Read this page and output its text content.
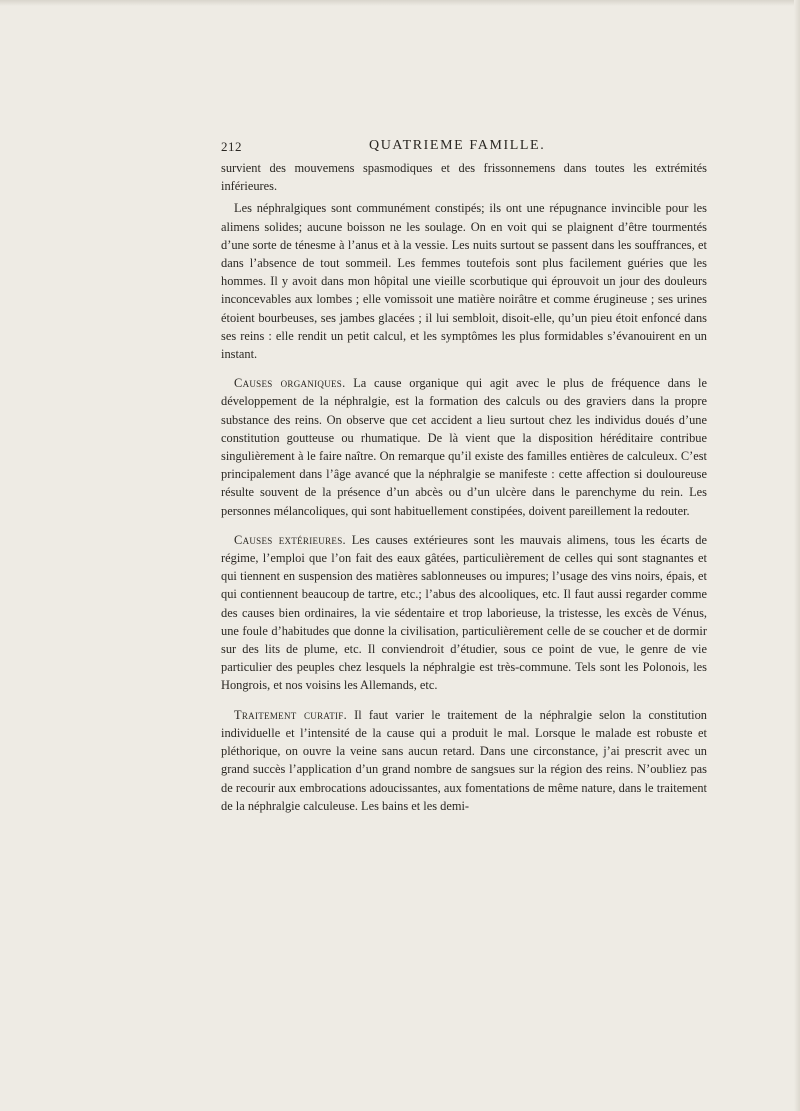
212	QUATRIEME FAMILLE.

survient des mouvemens spasmodiques et des frissonnemens dans toutes les extrémités inférieures.

Les néphralgiques sont communément constipés; ils ont une répugnance invincible pour les alimens solides; aucune boisson ne les soulage. On en voit qui se plaignent d’être tourmentés d’une sorte de ténesme à l’anus et à la vessie. Les nuits surtout se passent dans les souffrances, et dans l’absence de tout sommeil. Les femmes toutefois sont plus facilement guéries que les hommes. Il y avoit dans mon hôpital une vieille scorbutique qui éprouvoit un jour des douleurs inconcevables aux lombes ; elle vomissoit une matière noirâtre et comme érugineuse ; ses urines étoient bourbeuses, ses jambes glacées ; il lui sembloit, disoit-elle, qu’un pieu étoit enfoncé dans ses reins : elle rendit un petit calcul, et les symptômes les plus formidables s’évanouirent en un instant.

Causes organiques. La cause organique qui agit avec le plus de fréquence dans le développement de la néphralgie, est la formation des calculs ou des graviers dans la propre substance des reins. On observe que cet accident a lieu surtout chez les individus doués d’une constitution goutteuse ou rhumatique. De là vient que la disposition héréditaire contribue singulièrement à le faire naître. On remarque qu’il existe des familles entières de calculeux. C’est principalement dans l’âge avancé que la néphralgie se manifeste : cette affection si douloureuse résulte souvent de la présence d’un abcès ou d’un ulcère dans le parenchyme du rein. Les personnes mélancoliques, qui sont habituellement constipées, doivent pareillement la redouter.

Causes extérieures. Les causes extérieures sont les mauvais alimens, tous les écarts de régime, l’emploi que l’on fait des eaux gâtées, particulièrement de celles qui sont stagnantes et qui tiennent en suspension des matières sablonneuses ou impures; l’usage des vins noirs, épais, et qui contiennent beaucoup de tartre, etc.; l’abus des alcooliques, etc. Il faut aussi regarder comme des causes bien ordinaires, la vie sédentaire et trop laborieuse, la tristesse, les excès de Vénus, une foule d’habitudes que donne la civilisation, particulièrement celle de se coucher et de dormir sur des lits de plume, etc. Il conviendroit d’étudier, sous ce point de vue, le genre de vie particulier des peuples chez lesquels la néphralgie est très-commune. Tels sont les Polonois, les Hongrois, et nos voisins les Allemands, etc.

Traitement curatif. Il faut varier le traitement de la néphralgie selon la constitution individuelle et l’intensité de la cause qui a produit le mal. Lorsque le malade est robuste et pléthorique, on ouvre la veine sans aucun retard. Dans une circonstance, j’ai prescrit avec un grand succès l’application d’un grand nombre de sangsues sur la région des reins. N’oubliez pas de recourir aux embrocations adoucissantes, aux fomentations de même nature, dans le traitement de la néphralgie calculeuse. Les bains et les demi-
